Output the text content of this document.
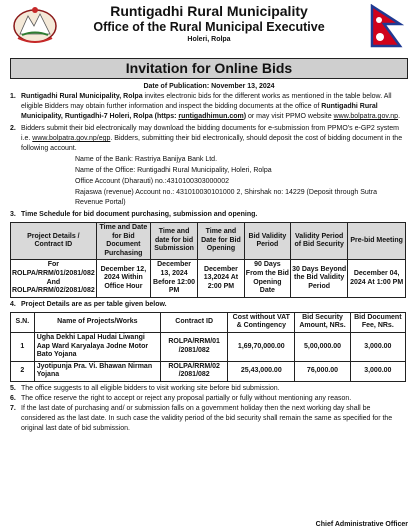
Runtigadhi Rural Municipality
Office of the Rural Municipal Executive
Holeri, Rolpa
Invitation for Online Bids
Date of Publication: November 13, 2024
1. Runtigadhi Rural Municipality, Rolpa invites electronic bids for the different works as mentioned in the table below. All eligible Bidders may obtain further information and inspect the bidding documents at the office of Runtigadhi Rural Municipality, Runtigadhi-7 Holeri, Rolpa (https: runtigadhimun.com) or may visit PPMO website www.bolpatra.gov.np.
2. Bidders submit their bid electronically may download the bidding documents for e-submission from PPMO's e-GP2 system i.e. www.bolpatra.gov.np/egp. Bidders, submitting their bid electronically, should deposit the cost of bidding document in the following account.
Name of the Bank: Rastriya Banijya Bank Ltd.
Name of the Office: Runtigadhi Rural Municipality, Holeri, Rolpa
Office Account (Dharauti) no.:4310100303000002
Rajaswa (revenue) Account no.: 431010030101000 2, Shirshak no: 14229 (Deposit through Sutra Revenue Portal)
3. Time Schedule for bid document purchasing, submission and opening.
Project Details / Contract ID	Time and Date for Bid Document Purchasing	Time and date for bid Submission	Time and Date for Bid Opening	Bid Validity Period	Validity Period of Bid Security	Pre-bid Meeting
For ROLPA/RRM/01/2081/082 And ROLPA/RRM/02/2081/082	December 12, 2024 Within Office Hour	December 13, 2024 Before 12:00 PM	December 13,2024 At 2:00 PM	90 Days From the Bid Opening Date	30 Days Beyond the Bid Validity Period	December 04, 2024 At 1:00 PM
4. Project Details are as per table given below.
S.N.	Name of Projects/Works	Contract ID	Cost without VAT & Contingency	Bid Security Amount, NRs.	Bid Document Fee, NRs.
1	Ugha Dekhi Lapal Hudai Liwangi Aap Ward Karyalaya Jodne Motor Bato Yojana	ROLPA/RRM/01 /2081/082	1,69,70,000.00	5,00,000.00	3,000.00
2	Jyotipunja Pra. Vi. Bhawan Nirman Yojana	ROLPA/RRM/02 /2081/082	25,43,000.00	76,000.00	3,000.00
5. The office suggests to all eligible bidders to visit working site before bid submission.
6. The office reserve the right to accept or reject any proposal partially or fully without mentioning any reason.
7. If the last date of purchasing and/ or submission falls on a government holiday then the next working day shall be considered as the last date. In such case the validity period of the bid security shall remain the same as specified for the original last date of bid submission.
Chief Administrative Officer
